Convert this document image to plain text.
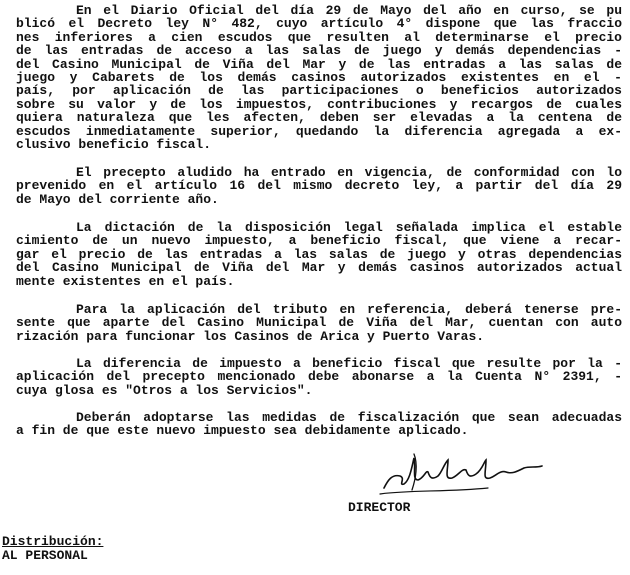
En el Diario Oficial del día 29 de Mayo del año en curso, se pu
blicó el Decreto ley N° 482, cuyo artículo 4° dispone que las fraccio
nes inferiores a cien escudos que resulten al determinarse el precio
de las entradas de acceso a las salas de juego y demás dependencias -
del Casino Municipal de Viña del Mar y de las entradas a las salas de
juego y Cabarets de los demás casinos autorizados existentes en el -
país, por aplicación de las participaciones o beneficios autorizados
sobre su valor y de los impuestos, contribuciones y recargos de cuales
quiera naturaleza que les afecten, deben ser elevadas a la centena de
escudos inmediatamente superior, quedando la diferencia agregada a ex-
clusivo beneficio fiscal.
El precepto aludido ha entrado en vigencia, de conformidad con lo
prevenido en el artículo 16 del mismo decreto ley, a partir del día 29
de Mayo del corriente año.
La dictación de la disposición legal señalada implica el estable
cimiento de un nuevo impuesto, a beneficio fiscal, que viene a recar-
gar el precio de las entradas a las salas de juego y otras dependencias
del Casino Municipal de Viña del Mar y demás casinos autorizados actual
mente existentes en el país.
Para la aplicación del tributo en referencia, deberá tenerse pre-
sente que aparte del Casino Municipal de Viña del Mar, cuentan con auto
rización para funcionar los Casinos de Arica y Puerto Varas.
La diferencia de impuesto a beneficio fiscal que resulte por la -
aplicación del precepto mencionado debe abonarse a la Cuenta N° 2391, -
cuya glosa es "Otros a los Servicios".
Deberán adoptarse las medidas de fiscalización que sean adecuadas
a fin de que este nuevo impuesto sea debidamente aplicado.
DIRECTOR
Distribución:
AL PERSONAL
